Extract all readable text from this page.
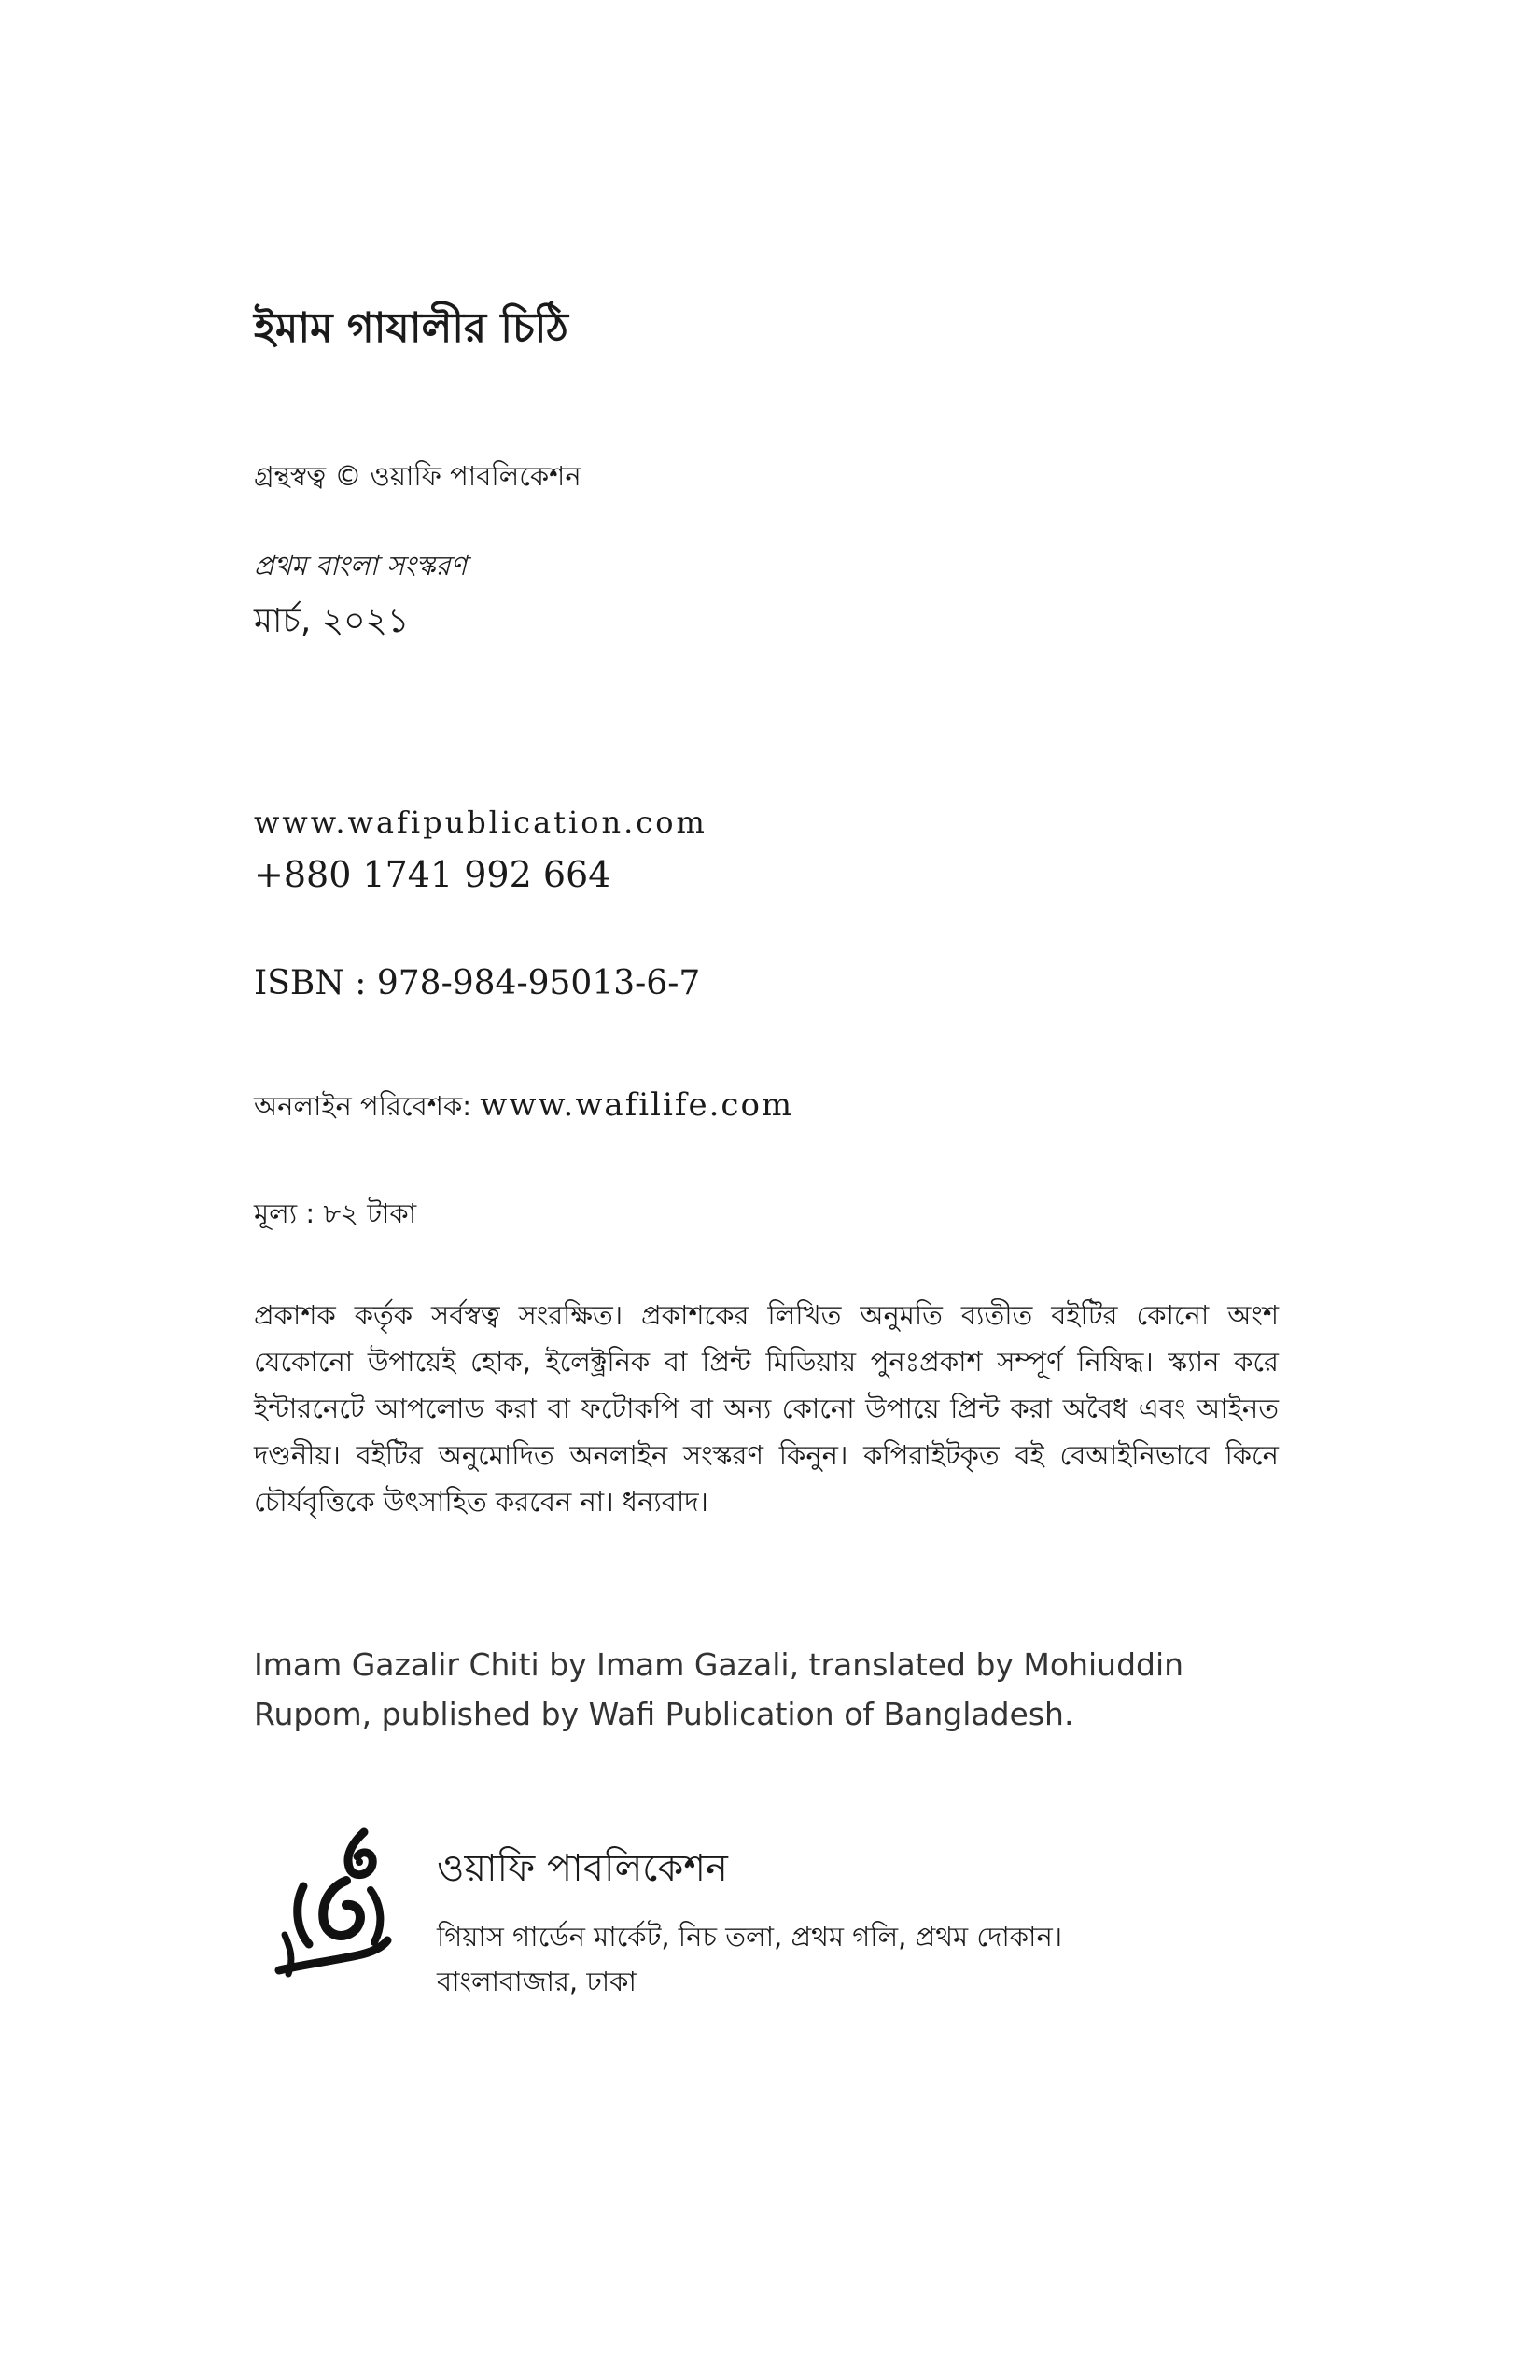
ইমাম গাযালীর চিঠি
গ্রন্থস্বত্ব © ওয়াফি পাবলিকেশন
প্রথম বাংলা সংস্করণ
মার্চ, ২০২১
www.wafipublication.com
+880 1741 992 664
ISBN : 978-984-95013-6-7
অনলাইন পরিবেশক: www.wafilife.com
মূল্য : ৮২ টাকা
প্রকাশক কর্তৃক সর্বস্বত্ব সংরক্ষিত। প্রকাশকের লিখিত অনুমতি ব্যতীত বইটির কোনো অংশ যেকোনো উপায়েই হোক, ইলেক্ট্রনিক বা প্রিন্ট মিডিয়ায় পুনঃপ্রকাশ সম্পূর্ণ নিষিদ্ধ। স্ক্যান করে ইন্টারনেটে আপলোড করা বা ফটোকপি বা অন্য কোনো উপায়ে প্রিন্ট করা অবৈধ এবং আইনত দণ্ডনীয়। বইটির অনুমোদিত অনলাইন সংস্করণ কিনুন। কপিরাইটকৃত বই বেআইনিভাবে কিনে চৌর্যবৃত্তিকে উৎসাহিত করবেন না। ধন্যবাদ।
Imam Gazalir Chiti by Imam Gazali, translated by Mohiuddin Rupom, published by Wafi Publication of Bangladesh.
ওয়াফি পাবলিকেশন
গিয়াস গার্ডেন মার্কেট, নিচ তলা, প্রথম গলি, প্রথম দোকান।
বাংলাবাজার, ঢাকা
